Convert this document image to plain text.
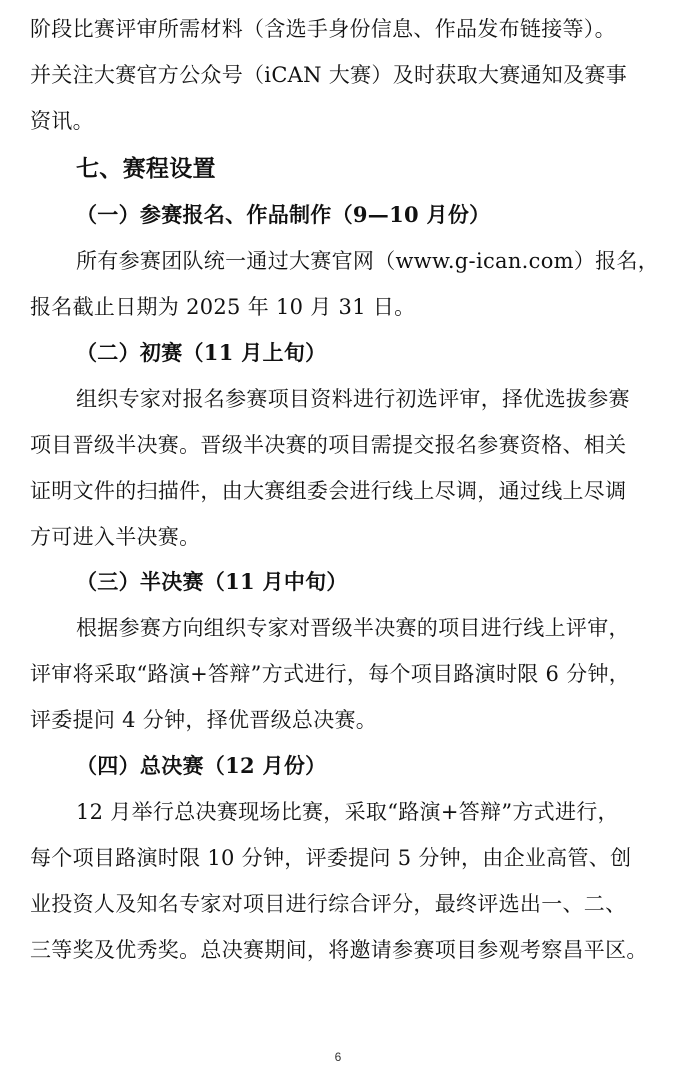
阶段比赛评审所需材料（含选手身份信息、作品发布链接等）。
并关注大赛官方公众号（iCAN 大赛）及时获取大赛通知及赛事
资讯。
七、赛程设置
（一）参赛报名、作品制作（9—10 月份）
所有参赛团队统一通过大赛官网（www.g-ican.com）报名，
报名截止日期为 2025 年 10 月 31 日。
（二）初赛（11 月上旬）
组织专家对报名参赛项目资料进行初选评审，择优选拔参赛
项目晋级半决赛。晋级半决赛的项目需提交报名参赛资格、相关
证明文件的扫描件，由大赛组委会进行线上尽调，通过线上尽调
方可进入半决赛。
（三）半决赛（11 月中旬）
根据参赛方向组织专家对晋级半决赛的项目进行线上评审，
评审将采取“路演+答辩”方式进行，每个项目路演时限 6 分钟，
评委提问 4 分钟，择优晋级总决赛。
（四）总决赛（12 月份）
12 月举行总决赛现场比赛，采取“路演+答辩”方式进行，
每个项目路演时限 10 分钟，评委提问 5 分钟，由企业高管、创
业投资人及知名专家对项目进行综合评分，最终评选出一、二、
三等奖及优秀奖。总决赛期间，将邀请参赛项目参观考察昌平区。
6
